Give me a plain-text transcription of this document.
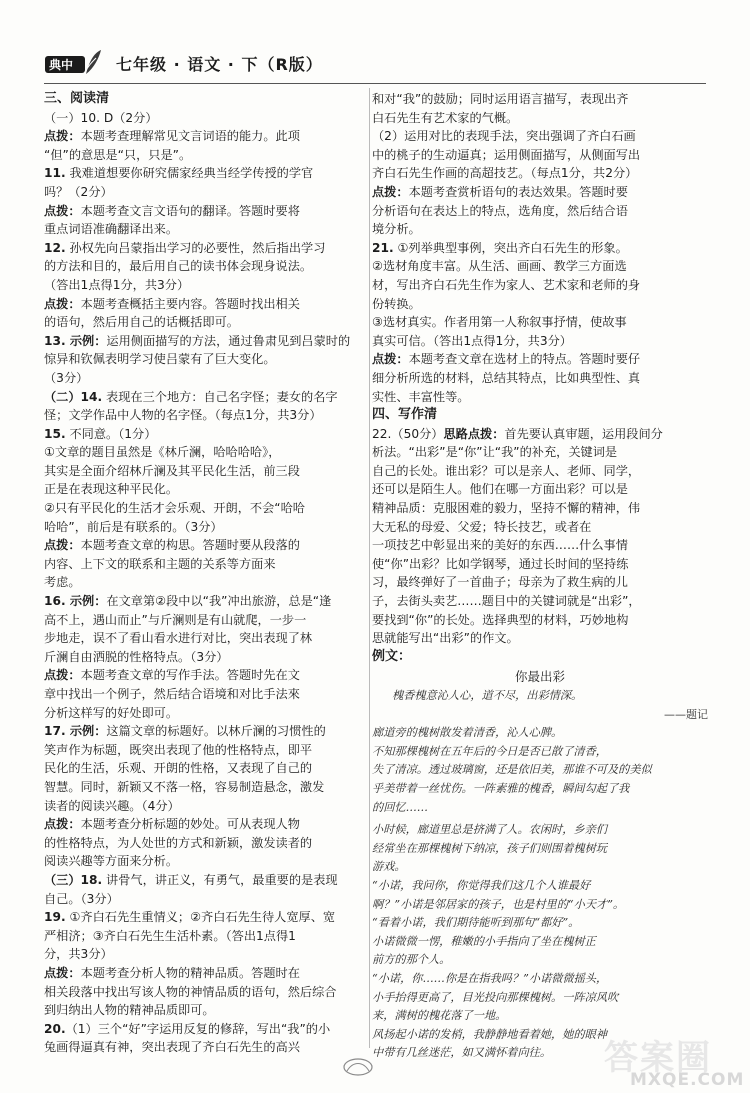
典中	七年级 · 语文 · 下（R版）

三、阅读清

（一）10. D（2分）

点拨：本题考查理解常见文言词语的能力。此项

“但”的意思是“只，只是”。

11. 我难道想要你研究儒家经典当经学传授的学官

吗？（2分）

点拨：本题考查文言文语句的翻译。答题时要将

重点词语准确翻译出来。

12. 孙权先向吕蒙指出学习的必要性，然后指出学习

的方法和目的，最后用自己的读书体会现身说法。

（答出1点得1分，共3分）

点拨：本题考查概括主要内容。答题时找出相关

的语句，然后用自己的话概括即可。

13. 示例：运用侧面描写的方法，通过鲁肃见到吕蒙时的

惊异和钦佩表明学习使吕蒙有了巨大变化。

（3分）

（二）14. 表现在三个地方：自己名字怪；妻女的名字

怪；文学作品中人物的名字怪。（每点1分，共3分）

15. 不同意。（1分）

①文章的题目虽然是《林斤澜，哈哈哈哈》，

其实是全面介绍林斤澜及其平民化生活，前三段

正是在表现这种平民化。

②只有平民化的生活才会乐观、开朗，不会“哈哈

哈哈”，前后是有联系的。（3分）

点拨：本题考查文章的构思。答题时要从段落的

内容、上下文的联系和主题的关系等方面来

考虑。

16. 示例：在文章第②段中以“我”冲出旅游，总是“逢

高不上，遇山而止”与斤澜则是有山就爬，一步一

步地走，误不了看山看水进行对比，突出表现了林

斤澜自由洒脱的性格特点。（3分）

点拨：本题考查文章的写作手法。答题时先在文

章中找出一个例子，然后结合语境和对比手法來

分析这样写的好处即可。

17. 示例：这篇文章的标题好。以林斤澜的习惯性的

笑声作为标题，既突出表现了他的性格特点，即平

民化的生活，乐观、开朗的性格，又表现了自己的

智慧。同时，新颖又不落一格，容易制造悬念，激发

读者的阅读兴趣。（4分）

点拨：本题考查分析标题的妙处。可从表现人物

的性格特点，为人处世的方式和新颖，激发读者的

阅读兴趣等方面来分析。

（三）18. 讲骨气，讲正义，有勇气，最重要的是表现

自己。（3分）

19. ①齐白石先生重情义；②齐白石先生待人宽厚、宽

严相济；③齐白石先生生活朴素。（答出1点得1

分，共3分）

点拨：本题考查分析人物的精神品质。答题时在

相关段落中找出写该人物的神情品质的语句，然后综合

到归纳出人物的精神品质即可。

20.（1）三个“好”字运用反复的修辞，写出“我”的小

兔画得逼真有神，突出表现了齐白石先生的高兴

和对“我”的鼓励；同时运用语言描写，表现出齐

白石先生有艺术家的气概。

（2）运用对比的表现手法，突出强调了齐白石画

中的桃子的生动逼真；运用侧面描写，从侧面写出

齐白石先生作画的高超技艺。（每点1分，共2分）

点拨：本题考查赏析语句的表达效果。答题时要

分析语句在表达上的特点，选角度，然后结合语

境分析。

21. ①列举典型事例，突出齐白石先生的形象。

②选材角度丰富。从生活、画画、教学三方面选

材，写出齐白石先生作为家人、艺术家和老师的身

份转换。

③选材真实。作者用第一人称叙事抒情，使故事

真实可信。（答出1点得1分，共3分）

点拨：本题考查文章在选材上的特点。答题时要仔

细分析所选的材料，总结其特点，比如典型性、真

实性、丰富性等。

四、写作清

22.（50分）思路点拨：首先要认真审题，运用段间分

析法。“出彩”是“你”让“我”的补充，关键词是

自己的长处。谁出彩？可以是亲人、老师、同学，

还可以是陌生人。他们在哪一方面出彩？可以是

精神品质：克服困难的毅力，坚持不懈的精神，伟

大无私的母爱、父爱；特长技艺，或者在

一项技艺中彰显出来的美好的东西……什么事情

使“你”出彩？比如学钢琴，通过长时间的坚持练

习，最终弹好了一首曲子；母亲为了救生病的儿

子，去街头卖艺……题目中的关键词就是“出彩”，

要找到“你”的长处。选择典型的材料，巧妙地构

思就能写出“出彩”的作文。

例文：

你最出彩

槐香槐意沁人心，道不尽，出彩情深。

——题记

廊道旁的槐树散发着清香，沁人心脾。

不知那棵槐树在五年后的今日是否已散了清香，

失了清凉。透过玻璃窗，还是依旧美，那谁不可及的美似

乎美带着一丝忧伤。一阵素雅的槐香，瞬间勾起了我

的回忆……

小时候，廊道里总是挤满了人。农闲时，乡亲们

经常坐在那棵槐树下纳凉，孩子们则围着槐树玩

游戏。

“小诺，我问你，你觉得我们这几个人谁最好

啊？”小诺是邻居家的孩子，也是村里的“小天才”。

“看着小诺，我们期待能听到那句“都好”。

小诺微微一愣，稚嫩的小手指向了坐在槐树正

前方的那个人。

“小诺，你……你是在指我吗？”小诺微微摇头，

小手抬得更高了，目光投向那棵槐树。一阵凉风吹

来，满树的槐花落了一地。

风扬起小诺的发梢，我静静地看着她，她的眼神

中带有几丝迷茫，如又满怀着向往。	答案圈
MXQE.COM
